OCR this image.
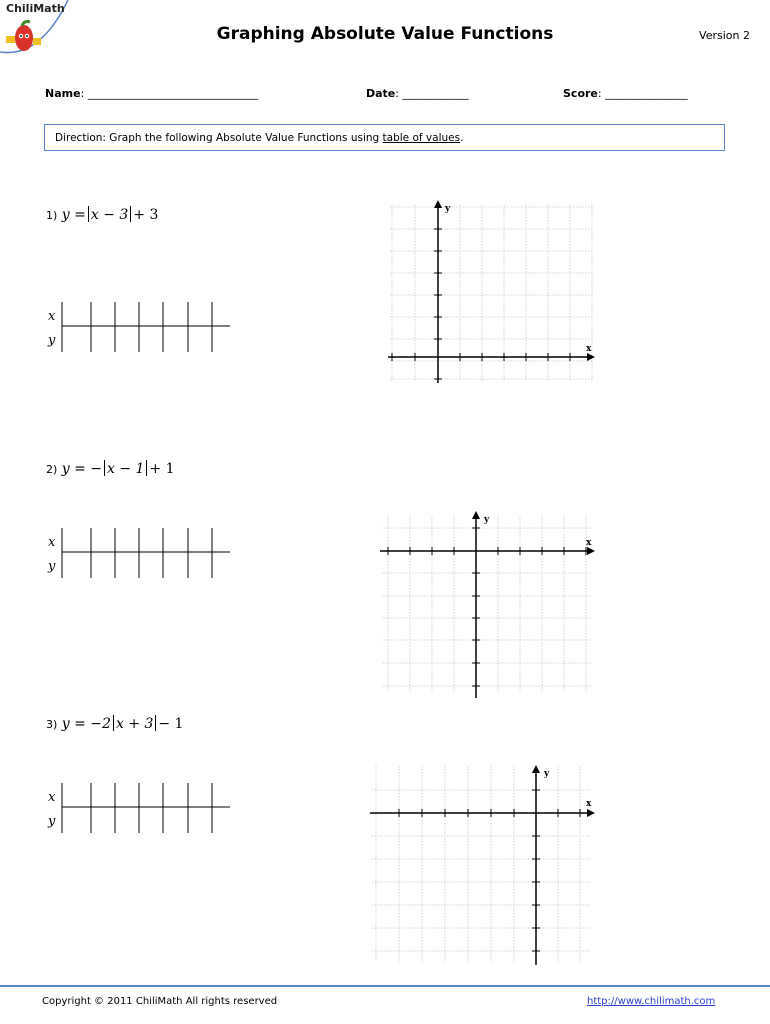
ChiliMath
Graphing Absolute Value Functions	Version 2
Name: _______________________________	Date: ____________	Score: _______________
Direction: Graph the following Absolute Value Functions using table of values.
1) y = x − 3 + 3
2) y = − x − 1 + 1
3) y = −2 x + 3 − 1
x
y
x
y
x
y
y
x
y
x
y
x
Copyright © 2011 ChiliMath All rights reserved	http://www.chilimath.com
